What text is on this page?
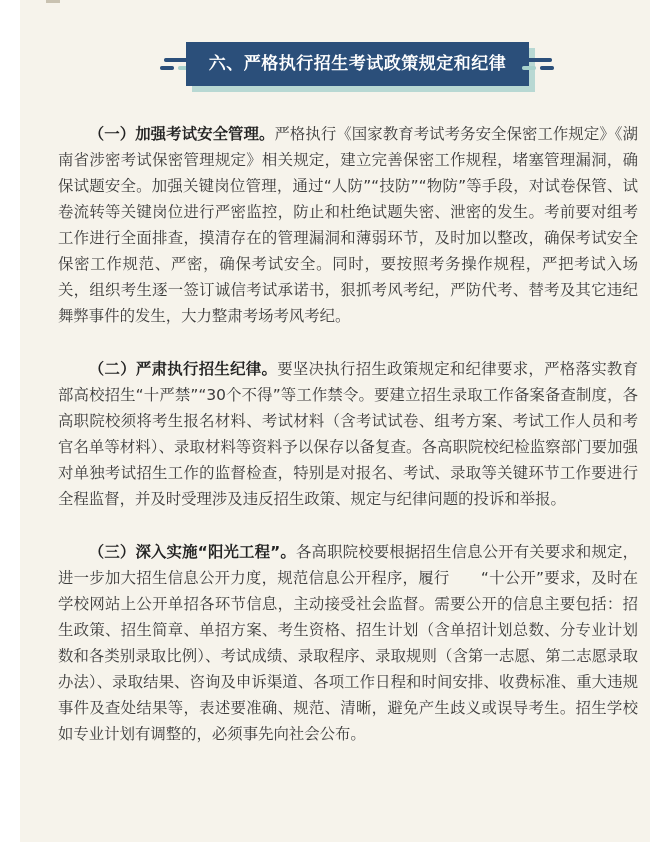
六、严格执行招生考试政策规定和纪律

（一）加强考试安全管理。严格执行《国家教育考试考务安全保密工作规定》《湖南省涉密考试保密管理规定》相关规定，建立完善保密工作规程，堵塞管理漏洞，确保试题安全。加强关键岗位管理，通过“人防”“技防”“物防”等手段，对试卷保管、试卷流转等关键岗位进行严密监控，防止和杜绝试题失密、泄密的发生。考前要对组考工作进行全面排查，摸清存在的管理漏洞和薄弱环节，及时加以整改，确保考试安全保密工作规范、严密，确保考试安全。同时，要按照考务操作规程，严把考试入场关，组织考生逐一签订诚信考试承诺书，狠抓考风考纪，严防代考、替考及其它违纪舞弊事件的发生，大力整肃考场考风考纪。

（二）严肃执行招生纪律。要坚决执行招生政策规定和纪律要求，严格落实教育部高校招生“十严禁”“30个不得”等工作禁令。要建立招生录取工作备案备查制度，各高职院校须将考生报名材料、考试材料（含考试试卷、组考方案、考试工作人员和考官名单等材料）、录取材料等资料予以保存以备复查。各高职院校纪检监察部门要加强对单独考试招生工作的监督检查，特别是对报名、考试、录取等关键环节工作要进行全程监督，并及时受理涉及违反招生政策、规定与纪律问题的投诉和举报。

（三）深入实施“阳光工程”。各高职院校要根据招生信息公开有关要求和规定，进一步加大招生信息公开力度，规范信息公开程序，履行　　“十公开”要求，及时在学校网站上公开单招各环节信息，主动接受社会监督。需要公开的信息主要包括：招生政策、招生简章、单招方案、考生资格、招生计划（含单招计划总数、分专业计划数和各类别录取比例）、考试成绩、录取程序、录取规则（含第一志愿、第二志愿录取办法）、录取结果、咨询及申诉渠道、各项工作日程和时间安排、收费标准、重大违规事件及查处结果等，表述要准确、规范、清晰，避免产生歧义或误导考生。招生学校如专业计划有调整的，必须事先向社会公布。
